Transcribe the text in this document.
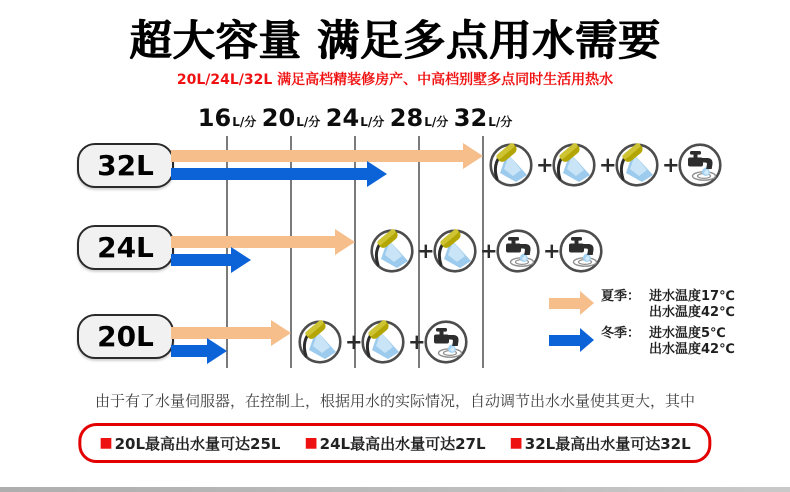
超大容量 满足多点用水需要
20L/24L/32L 满足高档精装修房产、中高档别墅多点同时生活用热水
16L/分 20L/分 24L/分 28L/分 32L/分
32L	+ + +
24L	+ + +
20L	+ +
夏季： 进水温度17℃
出水温度42℃
冬季： 进水温度5℃
出水温度42℃

由于有了水量伺服器，在控制上，根据用水的实际情况，自动调节出水水量使其更大，其中

■ 20L最高出水量可达25L ■ 24L最高出水量可达27L ■ 32L最高出水量可达32L
